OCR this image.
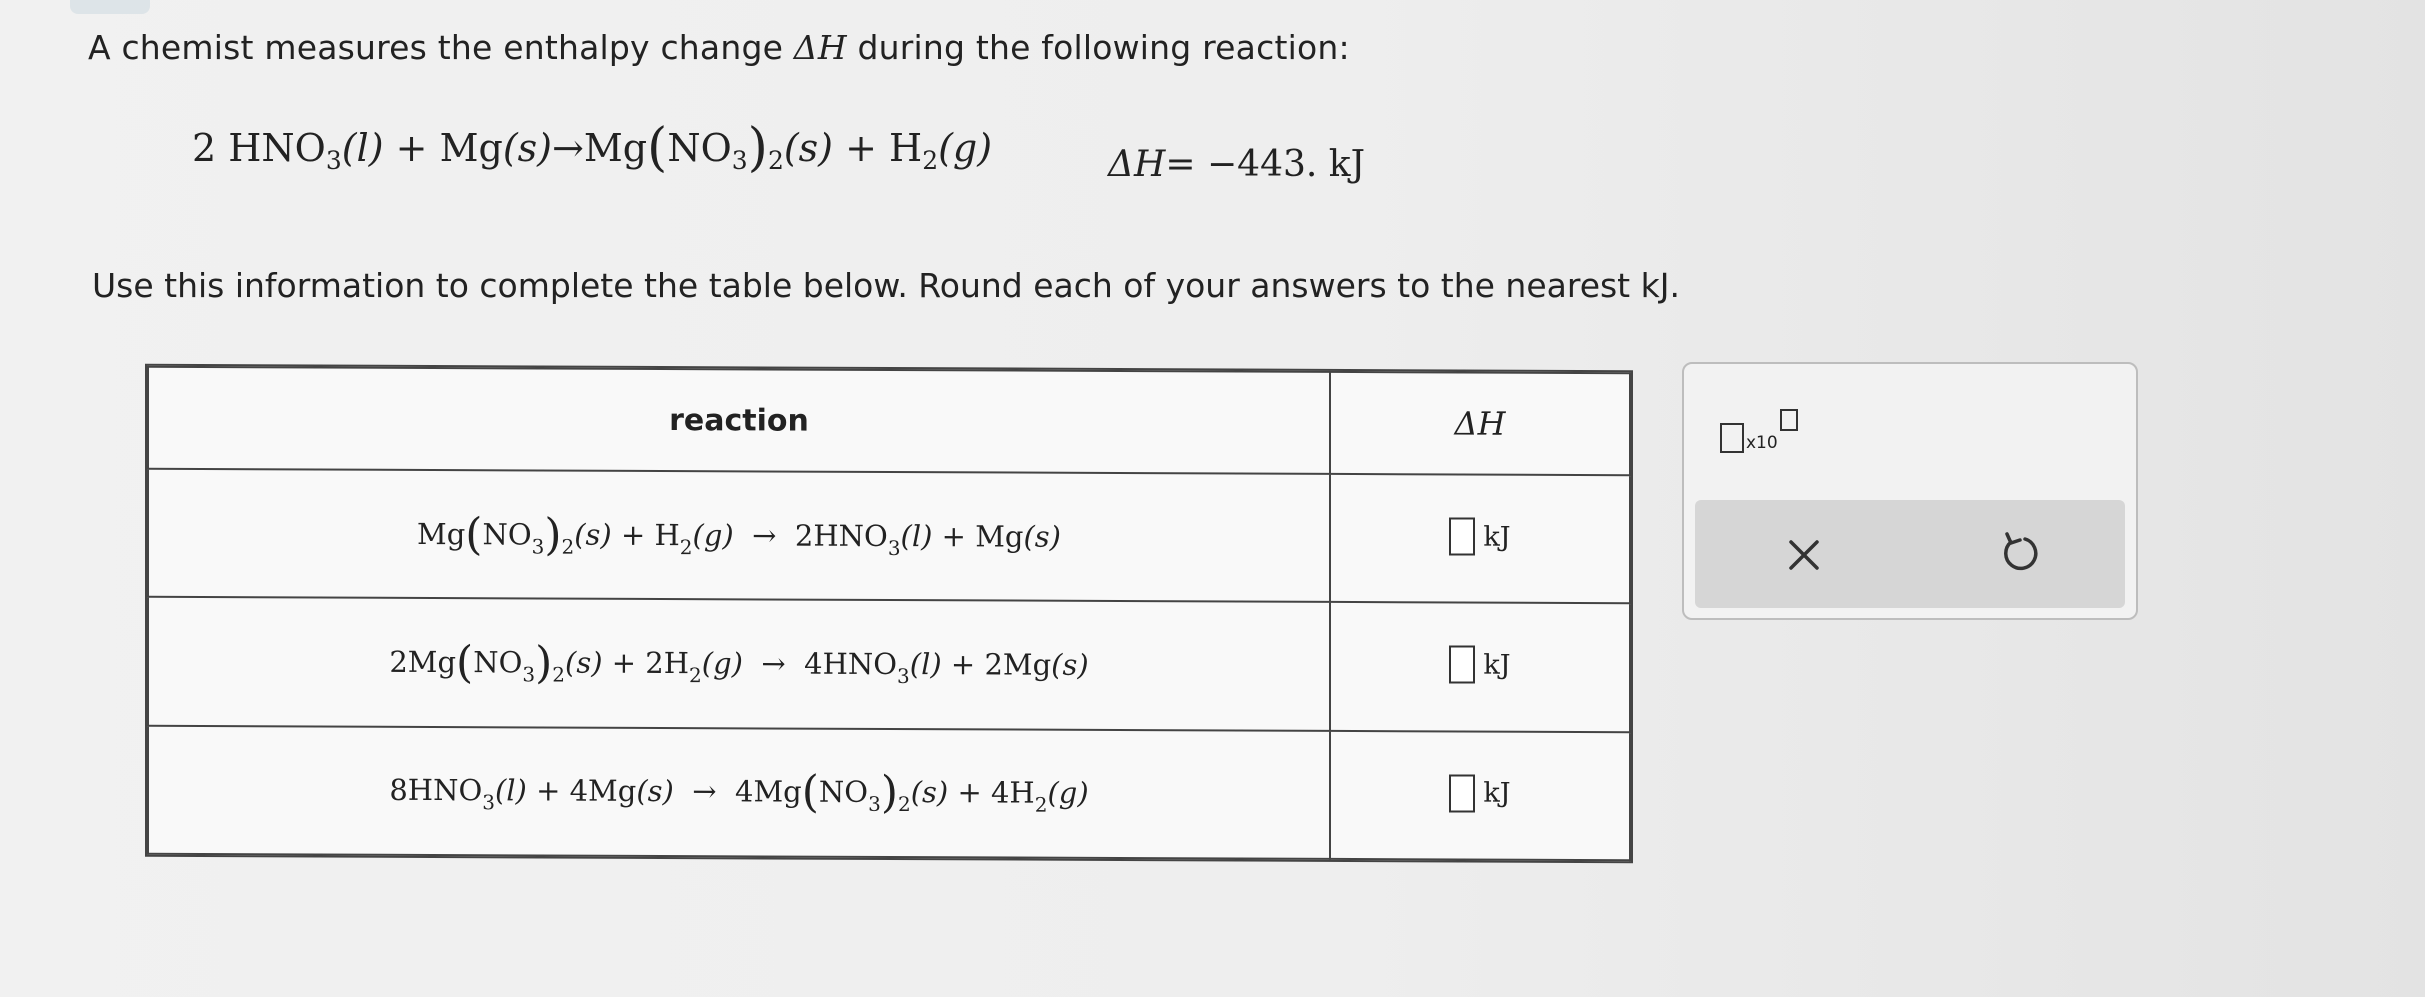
A chemist measures the enthalpy change ΔH during the following reaction:
2 $HNO_3(l) + Mg(s)\to Mg(NO_3)_2(s) + H_2(g)$	ΔH= −443. kJ
Use this information to complete the table below. Round each of your answers to the nearest kJ.
reaction	ΔH
$Mg(NO_3)_2(s) + H_2(g) \to 2HNO_3(l) + Mg(s)$	kJ

$2Mg(NO_3)_2(s) + 2H_2(g) \to 4HNO_3(l) + 2Mg(s)$	kJ

$8HNO_3(l) + 4Mg(s) \to 4Mg(NO_3)_2(s) + 4H_2(g)$	kJ
x10
